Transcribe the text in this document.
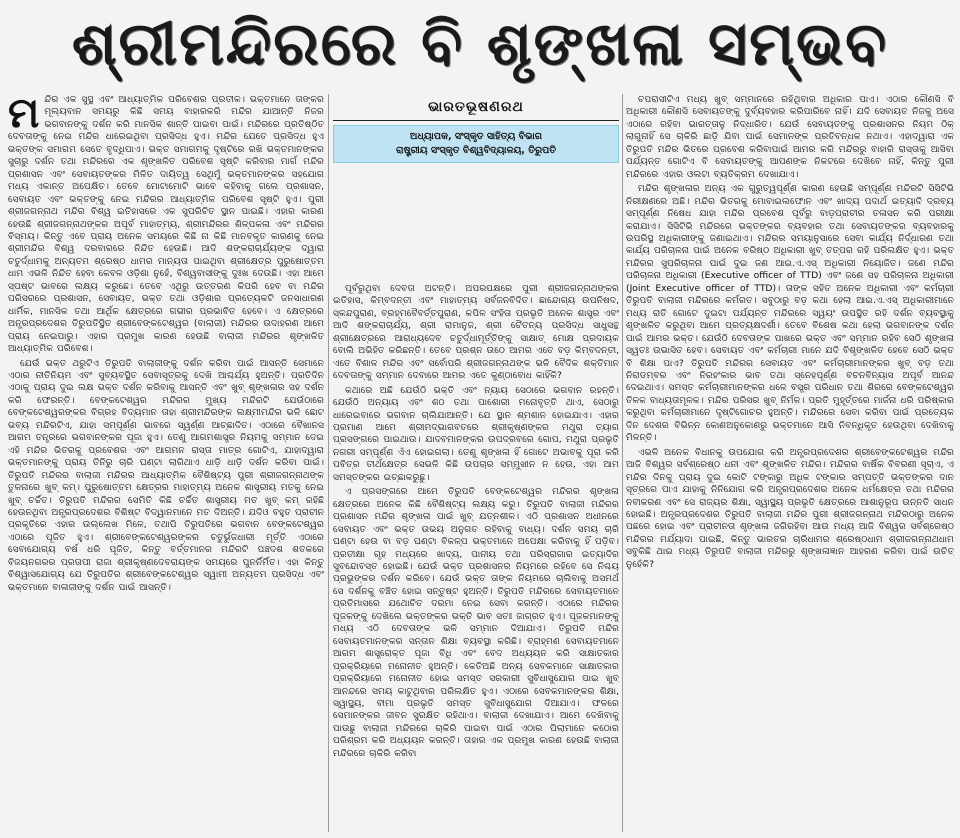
ଶ୍ରୀମନ୍ଦିରରେ ବି ଶୃଙ୍ଖଳା ସମ୍ଭବ
ମ ନ୍ଦିର ଏକ ସୁସ୍ଥ ଏବଂ ଆଧ୍ୟାତ୍ମିକ ପରିବେଶର ପ୍ରତୀକ। ଭକ୍ତମାନେ ତାଙ୍କର ମୂଲ୍ୟବାନ ସମୟରୁ କିଛି ସମୟ ବାହାରକରି ମନ୍ଦିର ଯାଆନ୍ତି ନିଜର ଭଗବାନଙ୍କୁ ଦର୍ଶନ କରି ମାନସିକ ଶାନ୍ତି ପାଇବା ପାଇଁ। ମନ୍ଦିରରେ ପ୍ରତିଷ୍ଠିତ ଦେବତାଙ୍କୁ ନେଇ ମନ୍ଦିର ଧାରେଇଥିବା ପ୍ରସିଦ୍ଧ ହୁଏ। ମନ୍ଦିର ଯେତେ ପ୍ରସିଦ୍ଧ ହୁଏ ଭକ୍ତଙ୍କ ସମାଗମ ସେତେ ବୃଦ୍ଧିପାଏ। ଭକ୍ତ ସମାଗମକୁ ଦୃଷ୍ଟିରେ ରଖି ଭକ୍ତମାନଙ୍କର ସୁଚାରୁ ଦର୍ଶନ ତଥା ମନ୍ଦିରରେ ଏକ ଶୃଙ୍ଖଳିତ ପରିବେଶ ସୃଷ୍ଟି କରିବାର ମାର୍ଗ ମନ୍ଦିର ପ୍ରଶାସନ ଏବଂ ସେବାୟତଙ୍କର ମିଳିତ ଦାୟିତ୍ୱ ସେଥିମୁଁ ଭକ୍ତମାନଙ୍କର ସହଯୋଗ ମଧ୍ୟ ଏକାନ୍ତ ଅପେକ୍ଷିତ। ତେବେ ମୋଟାମୋଟି ଭାବେ କହିବାକୁ ଗଲେ ପ୍ରଶାସନ, ସେବାୟତ ଏବଂ ଭକ୍ତଙ୍କୁ ନେଇ ମନ୍ଦିରର ଆଧ୍ୟାତ୍ମିକ ପରିବେଶ ସୃଷ୍ଟି ହୁଏ। ପୁରୀ ଶ୍ରୀଜଗନ୍ନାଥ ମନ୍ଦିର ବିଶ୍ୱ ଇତିହାସରେ ଏକ ସୁପରିଚିତ ସ୍ଥାନ ପାଇଛି। ଏହାର କାରଣ ହେଉଛି ଶ୍ରୀଜଗନ୍ନାଥଙ୍କର ଅପୂର୍ବ ମାହାତ୍ମ୍ୟ, ଶ୍ରୀମନ୍ଦିରର ଶିଳ୍ପକଳା ଏବଂ ମନ୍ଦିରର ବିସ୍ମୟ। କିନ୍ତୁ ଏବେ ପ୍ରାୟ ଅନେକ ସମୟରେ କିଛି ନା କିଛି ମାନବକୃତ କାରଣକୁ ନେଇ ଶ୍ରୀମନ୍ଦିର ବିଶ୍ୱ ଦରବାରରେ ନିନ୍ଦିତ ହେଉଛି। ଆଦି ଶଙ୍କରାଚାର୍ଯ୍ୟଙ୍କ ଦ୍ୱାରା ଚତୁର୍ଦ୍ଧାମକୁ ଅନ୍ୟତମ ଶ୍ରେଷ୍ଠ ଧାମର ମାନ୍ୟତା ପାଇଥିବା ଶ୍ରୀକ୍ଷେତ୍ର ପୁରୁଷୋତ୍ତମ ଧାମ ଏଭଳି ନିନ୍ଦିତ ହେବା କେବଳ ଓଡ଼ିଶା ନୁହେଁ, ବିଶ୍ୱବାସୀଙ୍କୁ ଦୁଃଖ ଦେଉଛି। ଏହା ଆମେ ସ୍ପଷ୍ଟ ଭାବରେ ଲକ୍ଷ୍ୟ କରୁଛେ। ତେବେ ଏଥିରୁ ଉତ୍ତରଣ କିପରି ହେବ ବା ମନ୍ଦିର ପରିସରରେ ପ୍ରଶାସନ, ସେବାୟତ, ଭକ୍ତ ତଥା ଓଡ଼ିଶାର ପ୍ରତ୍ୟେକଟି ଜନସାଧାରଣ ଧାର୍ମିକ, ମାନସିକ ତଥା ଆର୍ଥିକ କ୍ଷେତ୍ରରେ ଗଭୀର ପ୍ରଭାବିତ ହେବେ। ଏ କ୍ଷେତ୍ରରେ ଅନ୍ଧ୍ରପ୍ରଦେଶର ତିରୁପତିସ୍ଥିତ ଶ୍ରୀବେଙ୍କଟେଶ୍ୱର (ବାଲାଜୀ) ମନ୍ଦିରର ଉଦାହରଣ ଆମେ ପ୍ରାୟ ନେଇପାରୁ। ଏହାର ପ୍ରମୁଖ କାରଣ ହେଉଛି ବାଲାଜୀ ମନ୍ଦିରର ଶୃଙ୍ଖଳିତ ଆଧ୍ୟାତ୍ମିକ ପରିବେଶ।

ଯେଉଁ ଭକ୍ତ ଥରୁଟିଏ ତିରୁପତି ବାଲାଜୀଙ୍କୁ ଦର୍ଶନ କରିବା ପାଇଁ ଆସନ୍ତି ସେମାନେ ଏଠାର ନୀତିନିୟମ ଏବଂ ସୁବ୍ୟବସ୍ଥିତ ସେବାସୂତ୍ରକୁ ଦେଖି ଆଶ୍ଚର୍ଯ୍ୟ ହୁଅନ୍ତି। ପ୍ରତିଦିନ ଏଠାକୁ ପ୍ରାୟ ଦୁଇ ଲକ୍ଷ ଭକ୍ତ ଦର୍ଶନ କରିବାକୁ ଆସନ୍ତି ଏବଂ ଖୁବ୍ ଶୃଙ୍ଖଳାର ସହ ଦର୍ଶନ କରି ଫେରନ୍ତି। ବେଙ୍କଟେଶ୍ୱର ମନ୍ଦିରର ମୁଖ୍ୟ ମନ୍ଦିରଟି ଯେଉଁଠାରେ ବେଙ୍କଟେଶ୍ୱରଙ୍କର ବିଗ୍ରହ ବିଦ୍ୟମାନ ତାହା ଶ୍ରୀମନ୍ଦିରଙ୍କ ଲକ୍ଷ୍ମୀମନ୍ଦିର ଭଳି ଛୋଟ ଭବ୍ୟ ମନ୍ଦିରଟିଏ, ଯାହା ସମ୍ପୂର୍ଣ୍ଣ ଭାବରେ ସ୍ୱର୍ଣ୍ଣ ଆଚ୍ଛାଦିତ। ଏଠାରେ ବୈଖାନସ ଆଗମ ତନ୍ତ୍ରରେ ଭଗବାନଙ୍କର ପୂଜା ହୁଏ। ତେଣୁ ଆଗମଶାସ୍ତ୍ର ନିୟମକୁ ସମ୍ମାନ ଦେଇ ଏହି ମନ୍ଦିର ଭିତରକୁ ପ୍ରବେଶର ଏବଂ ଆଗମନ ରାସ୍ତା ମାତ୍ର ଗୋଟିଏ, ଯାହାଦ୍ୱାରା ଭକ୍ତମାନଙ୍କୁ ପ୍ରାୟ ତିନିରୁ ଚାରି ଘଣ୍ଟା ଲାଗିଥାଏ ଧାଡ଼ି ଧାଡ଼ି ଦର୍ଶନ କରିବା ପାଇଁ। ତିରୁପତି ମନ୍ଦିରର ବାଲାଜୀ ମନ୍ଦିରର ଆଧ୍ୟାତ୍ମିକ ବୈଶିଷ୍ଟ୍ୟ ପୁରୀ ଶ୍ରୀଜଗନ୍ନାଥଙ୍କ ତୁଳନାରେ ଖୁବ୍ କମ୍। ପୁରୁଷୋତ୍ତମ କ୍ଷେତ୍ରର ମାହାତ୍ମ୍ୟ ଅନେକ ଶାସ୍ତ୍ରୀୟ ମତକୁ ନେଇ ଖୁବ୍ ଚର୍ଚ୍ଚିତ। ତିରୁପତି ମନ୍ଦିରର ସେମିତି କିଛି ଚର୍ଚ୍ଚିତ ଶାସ୍ତ୍ରୀୟ ମତ ଖୁବ୍ କମ୍ ରହିଛି ହେଉନଥିବା ଅନ୍ଧ୍ରପ୍ରଦେଶର ବିଶିଷ୍ଟ ବିଦ୍ୱାନମାନେ ମତ ଦିଅନ୍ତି। ଯଦିଓ ବହୁତ ପ୍ରାଚୀନ ପ୍ରକୃତିରେ ଏହାର ଉଲ୍ଲେଖ ମିଳେ, ତଥାପି ତିରୁପତିରେ ଭଗବାନ ବେଙ୍କଟେଶ୍ୱର ଏଠାରେ ପୂଜିତ ହୁଏ। ଶ୍ରୀବେଙ୍କଟେଶ୍ୱରଙ୍କର ଚତୁର୍ଭୁଜଧାରୀ ମୂର୍ତ୍ତି ଏଠାରେ ସେବାଯୋଗ୍ୟ ବର୍ଷ ଧରି ପୂଜିତ, କିନ୍ତୁ ବର୍ତ୍ତମାନର ମନ୍ଦିରଟି ପଞ୍ଚଦଶ ଶତକରେ ବିଜୟନଗରର ପ୍ରତାପୀ ରାଜା ଶ୍ରୀକୃଷ୍ଣଦେବରାୟଙ୍କ ସମୟରେ ପୁନର୍ନିର୍ମିତ। ଏହା କିନ୍ତୁ ବିଶ୍ୱାସଯୋଗ୍ୟ ଯେ ତିରୁପତିର ଶ୍ରୀବେଙ୍କଟେଶ୍ୱର ସ୍ୱାମୀ ଅନ୍ୟତମ ପ୍ରସିଦ୍ଧ ଏବଂ ଭକ୍ତମାନେ ବାଳାଜୀଙ୍କୁ ଦର୍ଶନ ପାଇଁ ଆସନ୍ତି।

ଭାରତଭୂଷଣରଥ
ଅଧ୍ୟାପକ, ସଂସ୍କୃତ ସାହିତ୍ୟ ବିଭାଗ
ରାଷ୍ଟ୍ରୀୟ ସଂସ୍କୃତ ବିଶ୍ୱବିଦ୍ୟାଳୟ, ତିରୁପତି

ପୂର୍ବରୁଥିବା ଦେବତା ଅଟନ୍ତି। ଅପରପକ୍ଷରେ ପୁରୀ ଶ୍ରୀଜଗନ୍ନାଥଙ୍କର ଇତିହାସ, କିମ୍ବଦନ୍ତୀ ଏବଂ ମାହାତ୍ମ୍ୟ ସର୍ବଜନବିଦିତ। ଛାନ୍ଦୋଗ୍ୟ ଉପନିଷଦ, ସ୍କନ୍ଦପୁରାଣ, ବ୍ରହ୍ମବୈବର୍ତ୍ତପୁରାଣ, କପିଳ ସଂହିତା ପ୍ରଭୃତି ଅନେକ ଶାସ୍ତ୍ର ଏବଂ ଆଦି ଶଙ୍କରାଚାର୍ଯ୍ୟ, ଶ୍ରୀ ରାମାନୁଜ, ଶ୍ରୀ ଚୈତନ୍ୟ ପ୍ରସିଦ୍ଧ ସାଧୁସନ୍ଥ ଶ୍ରୀକ୍ଷେତ୍ରରେ ଆରାଧ୍ୟଦେବ ଚତୁର୍ଦ୍ଧାମୂର୍ତ୍ତିଙ୍କୁ ସାକ୍ଷାତ୍ ମୋକ୍ଷ ପ୍ରଦାୟକ ବୋଲି ଅଭିହିତ କରିଛନ୍ତି। ତେବେ ପ୍ରଶ୍ନ ଉଠେ ଆମର ଏତେ ବଡ଼ କିମ୍ବଦନ୍ତୀ, ଏତେ ବିଶାଳ ମନ୍ଦିର ଏବଂ ସର୍ବୋପରି ଶ୍ରୀଜଗନ୍ନାଥଙ୍କ ଭଳି ବୈଦିକ ଶକ୍ତିମାନ ଦେବତାଙ୍କୁ ସମ୍ମାନ ଦେବାରେ ଆମର ଏତେ କୁଣ୍ଠାବୋଧ କାହିଁକି?

କଥାରେ ଅଛି ଯେଉଁଠି ଭକ୍ତି ଏବଂ ନ୍ୟାୟ ସେଠାରେ ଭଗବାନ ରହନ୍ତି। ଯେଉଁଠି ଅନ୍ୟାୟ ଏବଂ ଶଠ ତଥା ପାଶୋରୀ ମନୋବୃତ୍ତି ଥାଏ, ସେଠାରୁ ଧାରେଇବାରେ ଭଗବାନ ଚାଲିଯାଆନ୍ତି। ଯେ ସ୍ଥାନ ଶ୍ମଶାନ ହୋଇଯାଏ। ଏହାର ପ୍ରମାଣ ଆମେ ଶ୍ରୀମଦ୍‌ଭାଗବତରେ ଶ୍ରୀକୃଷ୍ଣଙ୍କର ମଥୁରା ତ୍ୟାଗ ପ୍ରସଙ୍ଗରେ ପାଇଥାଉ। ଯାଦବମାନଙ୍କର ଉପଦ୍ରବରେ ଗୋପ, ମଥୁରା ପ୍ରଭୃତି ନଗରୀ ସମ୍ପୂର୍ଣ୍ଣ ଏଁଏ ହୋଇଗଲା। ତେଣୁ ଶୃଙ୍ଖଳା ହିଁ ଗୋଟେ ଅଭାବକୁ ପୂରା କରି ପବିତ୍ର ତୀର୍ଥକ୍ଷେତ୍ର ସେଭଳି କିଛି ଉପଚାର ସମ୍ମୁଖୀନ ନ ହେଉ, ଏହା ଆମ ସମସ୍ତଙ୍କର ଇଚ୍ଛାକରୁଛୁ।

ଏ ପ୍ରସଙ୍ଗରେ ଆମେ ତିରୁପତି ବେଙ୍କଟେଶ୍ୱର ମନ୍ଦିରର ଶୃଙ୍ଖଳା କ୍ଷେତ୍ରରେ ଅନେକ କିଛି ବୈଶିଷ୍ଟ୍ୟ ଲକ୍ଷ୍ୟ କରୁ। ତିରୁପତି ବାଲାଜୀ ମନ୍ଦିରର ପ୍ରଶାସନ ମନ୍ଦିର ଶୃଙ୍ଖଳା ପାଇଁ ଖୁବ୍ ଯତ୍ନଶୀଳ। ଏଠି ପ୍ରଶାସନ ଅଧୀନରେ ସେବାୟତ ଏବଂ ଭକ୍ତ ଉଭୟ ଅନୁଗତ ରହିବାକୁ ବାଧ୍ୟ। ଦର୍ଶନ ସମୟ ଚାରି ଘଣ୍ଟା ହେଉ ବା ବଡ଼ ଘଣ୍ଟା ବିକଳ୍ପ ଭକ୍ତମାନେ ଅପେକ୍ଷା କରିବାକୁ ହିଁ ପଡ଼ିବ। ପ୍ରତୀକ୍ଷା ଗୃହ ମଧ୍ୟରେ ଖାଦ୍ୟ, ପାନୀୟ ତଥା ପରିସ୍ରାଗାର ଇତ୍ୟାଦିର ସୁବନ୍ଦୋବସ୍ତ ହୋଇଛି। ଯେଉଁ ଭକ୍ତ ପ୍ରଶାସନର ନିୟମରେ ରହିବେ ସେ ନିଶ୍ଚୟ ପ୍ରଭୁଙ୍କର ଦର୍ଶନ କରିବେ। ଯେଉଁ ଭକ୍ତ ତାଙ୍କ ନିୟମରେ ଚାଲିବାକୁ ଅସମର୍ଥ ସେ ଦର୍ଶନକୁ ବଞ୍ଚିତ ହୋଇ ସନ୍ତୁଷ୍ଟ ହୁଅନ୍ତି। ତିରୁପତି ମନ୍ଦିରରେ ସେବାୟତମାନେ ପ୍ରତିମାସରେ ଯଥୋଚିତ ଦରମା ନେଇ ସେବା କରନ୍ତି। ଏଠାରେ ମନ୍ଦିରର ପୂଜକଙ୍କୁ ଦେଖିଲେ ଭକ୍ତଙ୍କର ଭକ୍ତି ଭାବ ସତଃ ଜାଗ୍ରତ ହୁଏ। ପୂଜକମାନଙ୍କୁ ମଧ୍ୟ ଏଠି ଦେବତାଙ୍କ ଭଳି ସମ୍ମାନ ଦିଆଯାଏ। ତିରୁପତି ମନ୍ଦିର ସେବାୟତମାନଙ୍କର ସନ୍ତାନ ଶିକ୍ଷା ବ୍ୟବସ୍ଥା କରିଛି। ବ୍ରାହ୍ମଣ ସେବାୟତମାନେ ଆଗମ ଶାସ୍ତ୍ରୋକ୍ତ ପୂଜା ବିଧି ଏବଂ ବେଦ ଅଧ୍ୟୟନ କରି ସାକ୍ଷାତକାର ପ୍ରକ୍ରିୟାରେ ମନୋନୀତ ହୁଅନ୍ତି। କେତିଅଛି ଅନ୍ୟ ସେବକମାନେ ସାକ୍ଷାତକାର ପ୍ରକ୍ରିୟାରେ ମନୋନୀତ ହୋଇ ସମସ୍ତ ସରକାରୀ ସୁବିଧାସୁଯୋଗ ପାଇ ଖୁବ୍ ଆନନ୍ଦରେ ସମୟ କାଟୁଥିବାର ପରିଲକ୍ଷିତ ହୁଏ। ଏଠାରେ ସେବକମାନଙ୍କର ଶିକ୍ଷା, ସ୍ୱାସ୍ଥ୍ୟ, ବୀମା ପ୍ରଭୃତି ସମସ୍ତ ସୁବିଧାସୁଯୋଗ ଦିଆଯାଏ। ଫଳରେ ସେମାନଙ୍କର ଜୀବନ ସୁରକ୍ଷିତ ରହିଥାଏ। ବାଲାଜୀ ଦେଖାଯାଏ। ଆମେ ଦେଖିବାକୁ ପାଉଛୁ ବାଲାଜୀ ମନ୍ଦିରରେ ଚାକିରି ପାଇବା ପାଇଁ ଏଠାର ପିଲାମାନେ କଠୋର ପରିଶ୍ରମ କରି ଅଧ୍ୟୟନ କରନ୍ତି। ତାହାର ଏକ ପ୍ରମୁଖ କାରଣ ହେଉଛି ବାଲାଜୀ ମନ୍ଦିରରେ ଚାକିରି କରିବା

ଚପରାସୀଟିଏ ମଧ୍ୟ ଖୁବ୍ ସମ୍ମାନରେ ରହିଥିବାର ଅଧିକାର ପାଏ। ଏଠାର କୌଣସି ବି ଅଧିକାରୀ କୌଣସି ସେବାୟତଙ୍କୁ ଦୁର୍ବ୍ୟବହାର କରିପାରିବେ ନାହିଁ। ଯଦି ସେବାୟତ ନିଜକୁ ଅସେ ଏଠାରେ ରହିବା ଭାରତ୍ତାଳୁ ନିଦ୍ଧାରିତ। ଯେଉଁ ସେବାୟତଙ୍କୁ ପ୍ରଶାସନର ନିୟମ ଠିକ୍ ଲାଗୁନାହିଁ ସେ ଚାକିରି ଛାଡ଼ି ଯିବା ପାଇଁ ସେମାନଙ୍କ ପ୍ରତିବନ୍ଧକ ନଥାଏ। ଏହାଦ୍ୱାରା ଏକ ତିରୁପତି ମନ୍ଦିର ଭିତରେ ପ୍ରବେଶ କରିବାପାଇଁ ଆମର କରି ମନ୍ଦିରରୁ ବାହାରି ରାସ୍ତାକୁ ଆସିବା ପର୍ଯ୍ୟନ୍ତ ଗୋଟିଏ ବି ସେବାୟତଙ୍କୁ ଆପଣଙ୍କ ନିକଟରେ ଦେଖିବେ ନାହିଁ, କିନ୍ତୁ ପୁରୀ ମନ୍ଦିରରେ ଏହାର ଓଲଟା ବ୍ୟତିକ୍ରମ ଦେଖାଯାଏ।

ମନ୍ଦିର ଶୃଙ୍ଖଳାର ଅନ୍ୟ ଏକ ଗୁରୁତ୍ୱପୂର୍ଣ୍ଣ କାରଣ ହେଉଛି ସମ୍ପୂର୍ଣ୍ଣ ମନ୍ଦିରଟି ସିସିଟିଭି ନିରୀକ୍ଷଣରେ ଅଛି। ମନ୍ଦିର ଭିତରକୁ ମୋବାଇଲଫୋନ ଏବଂ ଖାଦ୍ୟ ପଦାର୍ଥ ଇତ୍ୟାଦି ଦ୍ରବ୍ୟ ସମ୍ପୂର୍ଣ୍ଣ ନିଷେଧ ଯାହା ମନ୍ଦିର ପ୍ରବେଶ ପୂର୍ବରୁ ବାଡ଼ପ୍ରାଚୀର ତଳାସନ କରି ପରୀକ୍ଷା କରାଯାଏ। ସିସିଟିଭି ମନ୍ଦିରରେ ଭକ୍ତଙ୍କର ବ୍ୟବହାର ତଥା ସେବାୟତଙ୍କର ବ୍ୟବହାରକୁ ଉପରିସ୍ଥ ଅଧିକାରୀଙ୍କୁ ଜଣାଇଥାଏ। ମନ୍ଦିରର ସମୟାନୁସାରେ ସେବା କାର୍ଯ୍ୟ ନିର୍ଦ୍ଧାରଣ ତଥା କାର୍ଯ୍ୟ ପରିଚାଳନା ପାଇଁ ଅନେକ ବରିଷ୍ଠ ଅଧିକାରୀ ଖୁବ୍ ତତ୍ପର ରହି ପରିଲକ୍ଷିତ ହୁଏ। ଭକ୍ତ ମନ୍ଦିରର ସୁପରିଚାଳନା ପାଇଁ ଦୁଇ ଜଣ ଆଇ.ଏ.ଏସ୍ ଅଧିକାରୀ ନିୟୋଜିତ। ଜଣେ ମନ୍ଦିର ପରିଚାଳନା ଅଧିକାରୀ (Executive officer of TTD) ଏବଂ ଜଣେ ସହ ପରିଚାଳନା ଅଧିକାରୀ (Joint Executive officer of TTD)। ତାଙ୍କ ସହିତ ଅନେକ ଅଧିକାରୀ ଏବଂ କର୍ମଚାରୀ ତିରୁପତି ବାଲାଜୀ ମନ୍ଦିରରେ କର୍ମରତ। ସବୁଠାରୁ ବଡ଼ କଥା ହେଲା ଆଇ.ଏ.ଏସ୍ ଅଧିକାରୀମାନେ ମଧ୍ୟ ରାତି ଗୋଟେ ଦୁଇଟା ପର୍ଯ୍ୟନ୍ତ ମନ୍ଦିରରେ ସ୍ୱୟଂ ଉପସ୍ଥିତ ରହି ଦର୍ଶନ ବ୍ୟବସ୍ଥାକୁ ଶୃଙ୍ଖଳିତ କରୁଥିବା ଆମେ ପ୍ରତ୍ୟକ୍ଷଦର୍ଶୀ। ତେବେ ବିଶେଷ କଥା ହେଲା ଭଗବାନଙ୍କ ଦର୍ଶନ ପାଇଁ ଆମର ଭକ୍ତ। ଯେଉଁଠି ଦେବତାଙ୍କ ପାଖରେ ଭକ୍ତ ଏବଂ ସମ୍ମାନ ରହିବ ସେଠି ଶୃଙ୍ଖଳା ସ୍ୱତଃ ଉଭାସିତ ହେବ। ସେବାୟତ ଏବଂ କର୍ମଚାରୀ ମାନେ ଯଦି ବିଶୃଙ୍ଖଳିତ ହେବେ ସେଠି ଭକ୍ତ ବି ଶିକ୍ଷା ପାଏ? ତିରୁପତି ମନ୍ଦିରର ସେବାୟତ ଏବଂ କର୍ମଚାରୀମାନଙ୍କର ଖୁବ୍ ବଡ଼ ତଥା ନିରାଡମ୍ବର ଏବଂ ନିରହଂକାର ଭାବ ତଥା ସ୍ନେହପୂର୍ଣ୍ଣ ବଚନବିନ୍ୟାସ ଅପୂର୍ବ ଆନନ୍ଦ ଦେଇଥାଏ। ସମସ୍ତ କର୍ମଚାରୀମାନଙ୍କର ଧଳେ ବସ୍ତ୍ର ପରିଧାନ ତଥା ଶିରରେ ବେଙ୍କଟେଶ୍ୱର ତିଳକ ବାଧ୍ୟତାମୂଳକ। ମନ୍ଦିର ପରିସର ଖୁବ୍ ନିର୍ମଳ। ପ୍ରତି ମୁହୂର୍ତ୍ତରେ ମାର୍ଜନା ଧରି ପରିଷ୍କାର କରୁଥିବା କର୍ମଚାରୀମାନେ ଦୃଷ୍ଟିଗୋଚର ହୁଅନ୍ତି। ମନ୍ଦିରରେ ସେବା କରିବା ପାଇଁ ପ୍ରତ୍ୟେକ ଦିନ ଦେଶର ବିଭିନ୍ନ କୋଣଅନୁକୋଣରୁ ଭକ୍ତମାନେ ଆସି ନିବନ୍ଧିକୃତ ହେଉଥିବା ଦେଖିବାକୁ ମିଳନ୍ତି।

ଏଭଳି ଅନେକ ବିଧାନକୁ ଉପଯୋଗ କରି ଅନ୍ଧ୍ରପ୍ରଦେଶର ଶ୍ରୀବେଙ୍କଟେଶ୍ୱର ମନ୍ଦିର ଆଜି ବିଶ୍ୱର ସର୍ବଶ୍ରେଷ୍ଠ ଧନୀ ଏବଂ ଶୃଙ୍ଖଳିତ ମନ୍ଦିର। ମନ୍ଦିରର ବାର୍ଷିକ ବିବରଣୀ ସୂଚାଏ, ଏ ମନ୍ଦିର ଦିନକୁ ପ୍ରାୟ ଦୁଇ କୋଟି ଟଙ୍କାରୁ ଅଧିକ ଟଙ୍କାର ସମ୍ପତ୍ତି ଭକ୍ତଙ୍କର ଦାନ ସୂତ୍ରରେ ପାଏ ଯାହାକୁ ନିନିଯୋଗ କରି ଅନ୍ଧ୍ରପ୍ରଦେଶର ଅନେକ ଧର୍ମକ୍ଷେତ୍ର ତଥା ମନ୍ଦିରର ନବୀକରଣ ଏବଂ ସେ ରାଜ୍ୟର ଶିକ୍ଷା, ସ୍ୱାସ୍ଥ୍ୟ ପ୍ରଭୃତି କ୍ଷେତ୍ରରେ ଆଶାନୁରୂପ ଉନ୍ନତି ସାଧନ ହୋଇଛି। ଅନ୍ଧ୍ରପ୍ରଦେଶର ତିରୁପତି ବାଲାଜୀ ମନ୍ଦିର ପୁରୀ ଶ୍ରୀଜଗନ୍ନାଥ ମନ୍ଦିରଠାରୁ ଅନେକ ପଛରେ ହୋଇ ଏବଂ ପ୍ରାଚୀନତା ଶୃଙ୍ଖଳା ଜଗିରହିବା ଆଉ ମଧ୍ୟ ଆଜି ବିଶ୍ୱର ସର୍ବଶ୍ରେଷ୍ଠ ମନ୍ଦିରର ମର୍ଯ୍ୟାଦା ପାଇଛି, କିନ୍ତୁ ଭାରତର ଚାରିଧାମର ଶ୍ରେଷ୍ଠଧାମ ଶ୍ରୀଜଗନ୍ନାଥଧାମ ସବୁକିଛି ଥାଇ ମଧ୍ୟ ତିରୁପତି ବାଲାଜୀ ମନ୍ଦିରରୁ ଶୃଙ୍ଖଳାଜ୍ଞାନ ଆହରଣ କରିବା ପାଇଁ ଉଚିତ୍ ନୁହେଁକି?
